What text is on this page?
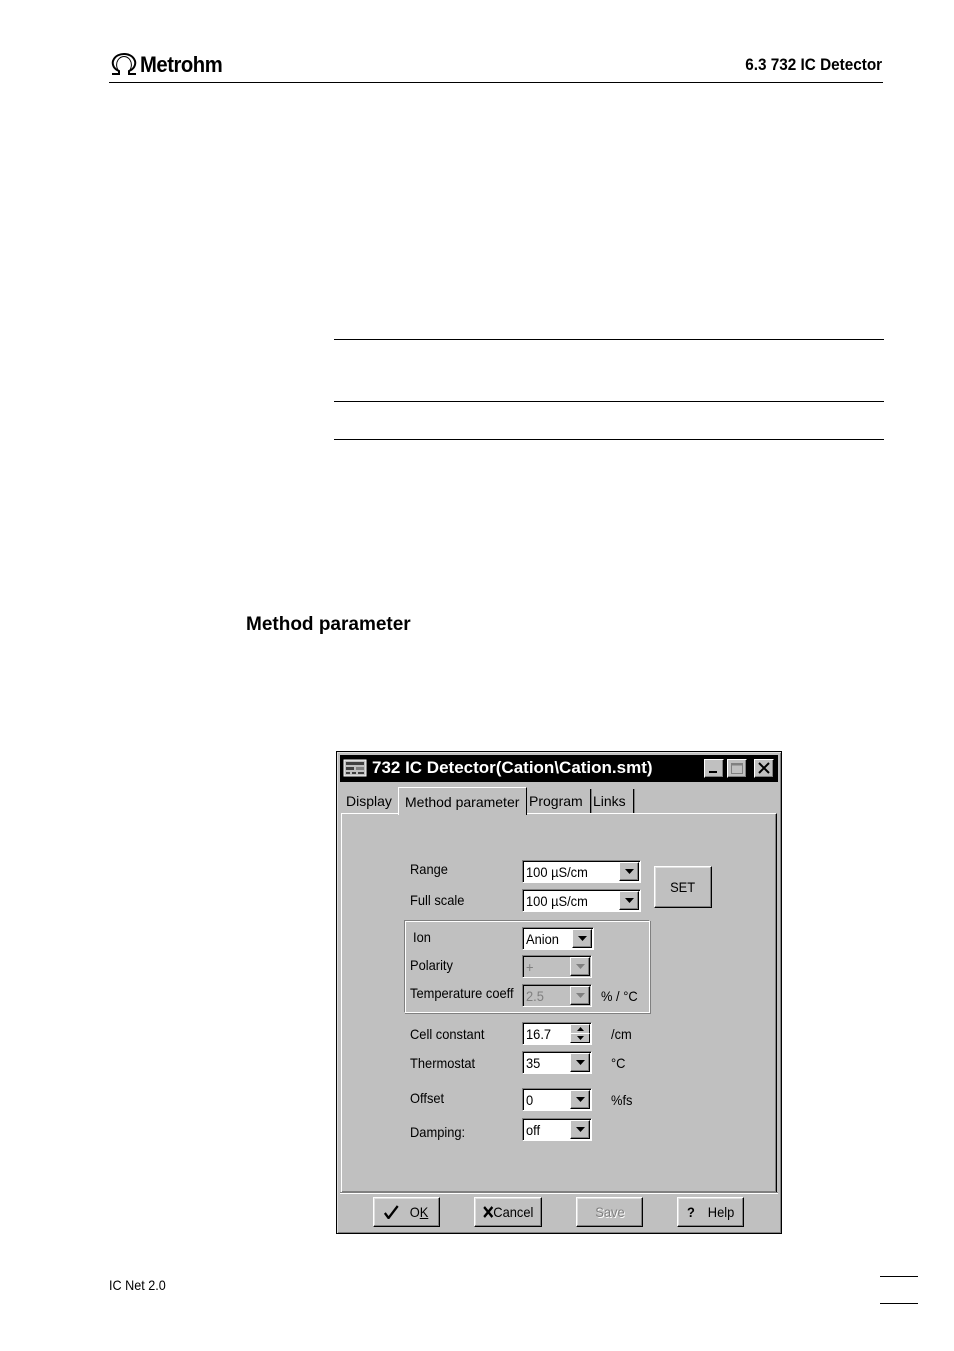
Metrohm	6.3 732 IC Detector
Method parameter
732 IC Detector(Cation\Cation.smt)
Display Method parameter Program Links
Range	100 µS/cm
Full scale	100 µS/cm
SET
Ion	Anion
Polarity	+
Temperature coeff 2.5	% / °C
Cell constant	16.7	/cm
Thermostat	35	°C
Offset	0	%fs
Damping:	off
OK	Cancel	Save	? Help
IC Net 2.0
